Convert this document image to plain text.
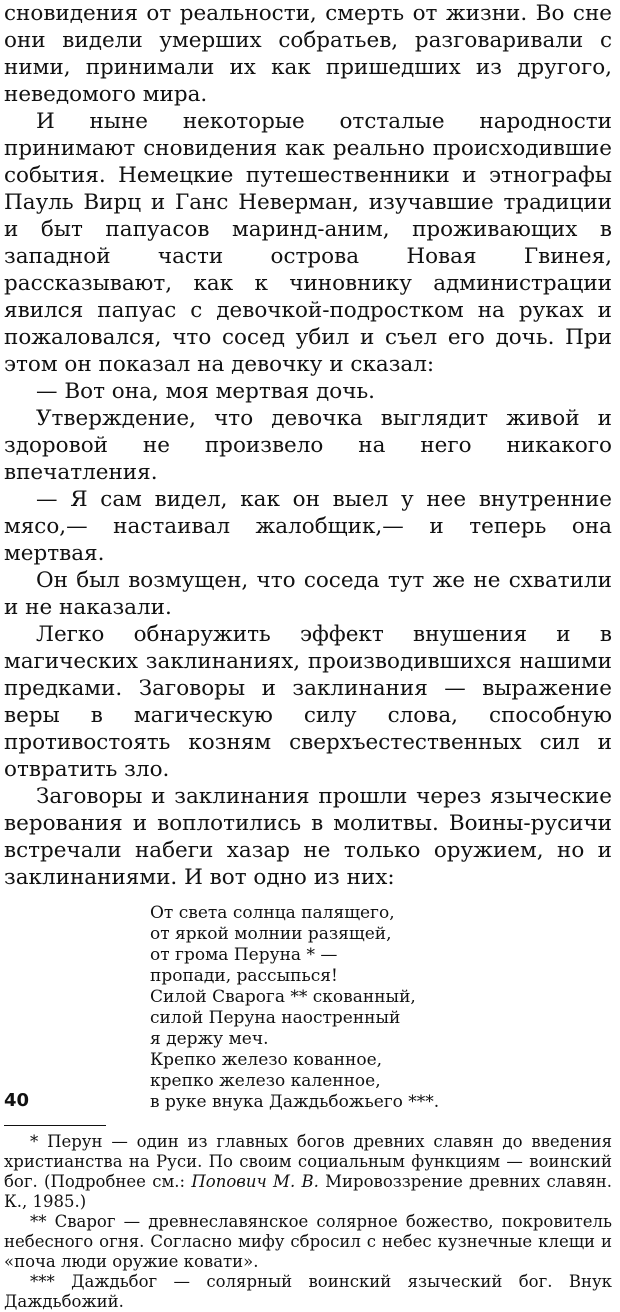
сновидения от реальности, смерть от жизни. Во сне они видели умерших собратьев, разговаривали с ними, принимали их как пришедших из другого, неведомого мира.

И ныне некоторые отсталые народности принимают сновидения как реально происходившие события. Немецкие путешественники и этнографы Пауль Вирц и Ганс Неверман, изучавшие традиции и быт папуасов маринд-аним, проживающих в западной части острова Новая Гвинея, рассказывают, как к чиновнику администрации явился папуас с девочкой-подростком на руках и пожаловался, что сосед убил и съел его дочь. При этом он показал на девочку и сказал:

— Вот она, моя мертвая дочь.

Утверждение, что девочка выглядит живой и здоровой не произвело на него никакого впечатления.

— Я сам видел, как он выел у нее внутренние мясо,— настаивал жалобщик,— и теперь она мертвая.

Он был возмущен, что соседа тут же не схватили и не наказали.

Легко обнаружить эффект внушения и в магических заклинаниях, производившихся нашими предками. Заговоры и заклинания — выражение веры в магическую силу слова, способную противостоять козням сверхъестественных сил и отвратить зло.

Заговоры и заклинания прошли через языческие верования и воплотились в молитвы. Воины-русичи встречали набеги хазар не только оружием, но и заклинаниями. И вот одно из них:

От света солнца палящего,
от яркой молнии разящей,
от грома Перуна * —
пропади, рассыпься!
Силой Сварога ** скованный,
силой Перуна наостренный
я держу меч.
Крепко железо кованное,
крепко железо каленное,
в руке внука Даждьбожьего ***.

* Перун — один из главных богов древних славян до введения христианства на Руси. По своим социальным функциям — воинский бог. (Подробнее см.: Попович М. В. Мировоззрение древних славян. К., 1985.)

** Сварог — древнеславянское солярное божество, покровитель небесного огня. Согласно мифу сбросил с небес кузнечные клещи и «поча люди оружие ковати».

*** Даждьбог — солярный воинский языческий бог. Внук Даждьбожий.

40
